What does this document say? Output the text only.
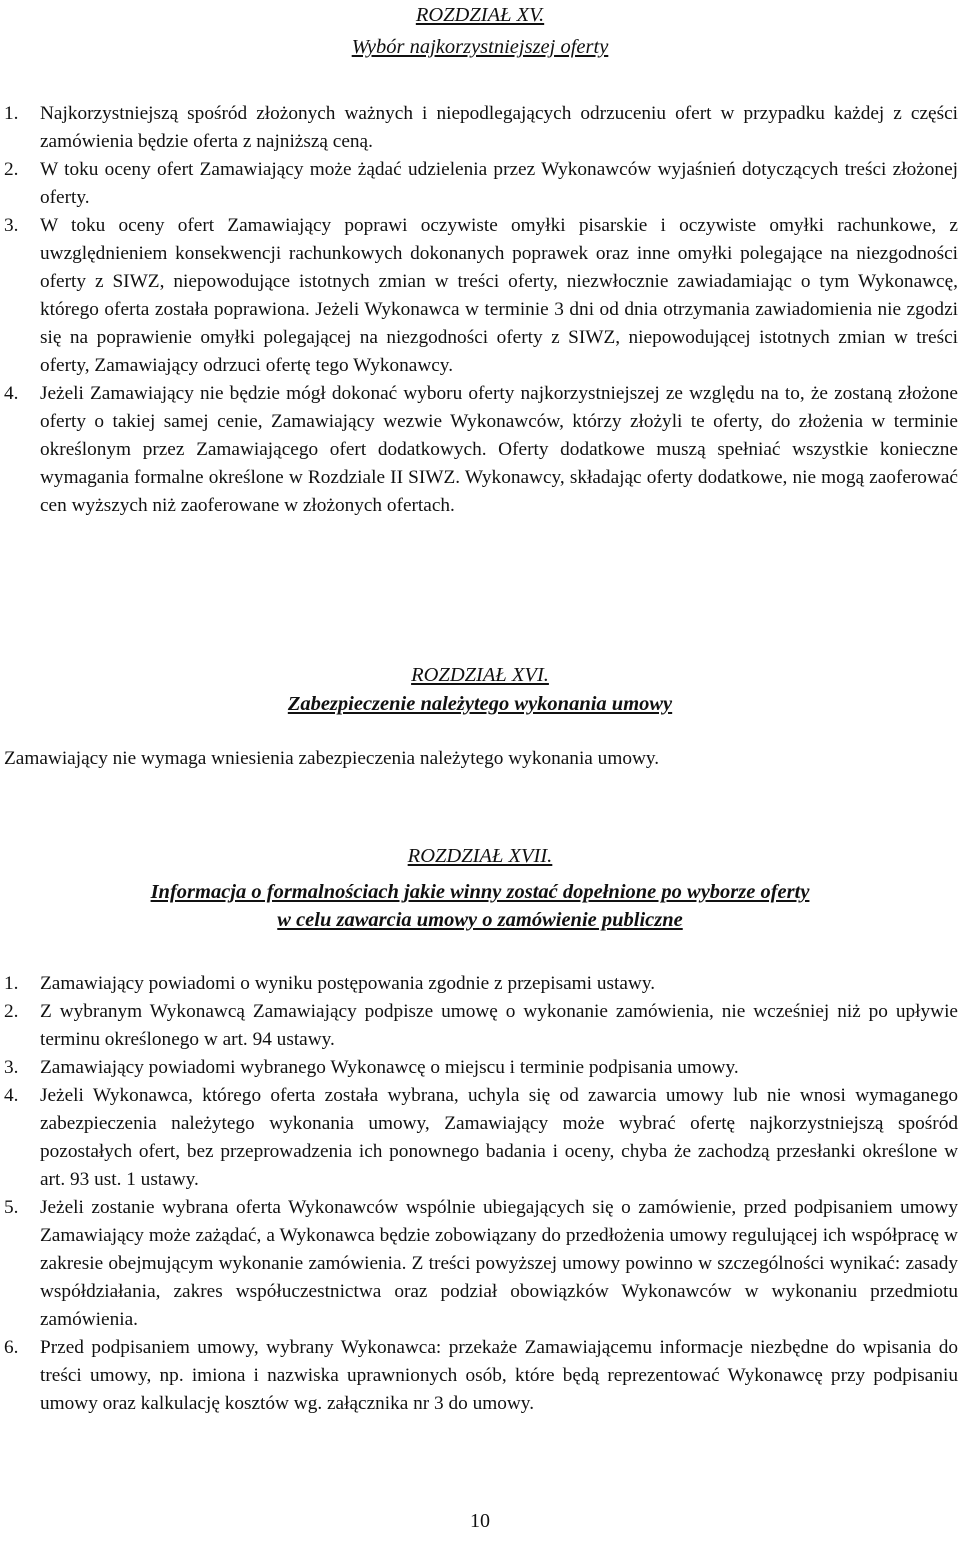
ROZDZIAŁ XV.
Wybór najkorzystniejszej oferty
1. Najkorzystniejszą spośród złożonych ważnych i niepodlegających odrzuceniu ofert w przypadku każdej z części zamówienia będzie oferta z najniższą ceną.
2. W toku oceny ofert Zamawiający może żądać udzielenia przez Wykonawców wyjaśnień dotyczących treści złożonej oferty.
3. W toku oceny ofert Zamawiający poprawi oczywiste omyłki pisarskie i oczywiste omyłki rachunkowe, z uwzględnieniem konsekwencji rachunkowych dokonanych poprawek oraz inne omyłki polegające na niezgodności oferty z SIWZ, niepowodujące istotnych zmian w treści oferty, niezwłocznie zawiadamiając o tym Wykonawcę, którego oferta została poprawiona. Jeżeli Wykonawca w terminie 3 dni od dnia otrzymania zawiadomienia nie zgodzi się na poprawienie omyłki polegającej na niezgodności oferty z SIWZ, niepowodującej istotnych zmian w treści oferty, Zamawiający odrzuci ofertę tego Wykonawcy.
4. Jeżeli Zamawiający nie będzie mógł dokonać wyboru oferty najkorzystniejszej ze względu na to, że zostaną złożone oferty o takiej samej cenie, Zamawiający wezwie Wykonawców, którzy złożyli te oferty, do złożenia w terminie określonym przez Zamawiającego ofert dodatkowych. Oferty dodatkowe muszą spełniać wszystkie konieczne wymagania formalne określone w Rozdziale II SIWZ. Wykonawcy, składając oferty dodatkowe, nie mogą zaoferować cen wyższych niż zaoferowane w złożonych ofertach.
ROZDZIAŁ XVI.
Zabezpieczenie należytego wykonania umowy
Zamawiający nie wymaga wniesienia zabezpieczenia należytego wykonania umowy.
ROZDZIAŁ XVII.
Informacja o formalnościach jakie winny zostać dopełnione po wyborze oferty
w celu zawarcia umowy o zamówienie publiczne
1. Zamawiający powiadomi o wyniku postępowania zgodnie z przepisami ustawy.
2. Z wybranym Wykonawcą Zamawiający podpisze umowę o wykonanie zamówienia, nie wcześniej niż po upływie terminu określonego w art. 94 ustawy.
3. Zamawiający powiadomi wybranego Wykonawcę o miejscu i terminie podpisania umowy.
4. Jeżeli Wykonawca, którego oferta została wybrana, uchyla się od zawarcia umowy lub nie wnosi wymaganego zabezpieczenia należytego wykonania umowy, Zamawiający może wybrać ofertę najkorzystniejszą spośród pozostałych ofert, bez przeprowadzenia ich ponownego badania i oceny, chyba że zachodzą przesłanki określone w art. 93 ust. 1 ustawy.
5. Jeżeli zostanie wybrana oferta Wykonawców wspólnie ubiegających się o zamówienie, przed podpisaniem umowy Zamawiający może zażądać, a Wykonawca będzie zobowiązany do przedłożenia umowy regulującej ich współpracę w zakresie obejmującym wykonanie zamówienia. Z treści powyższej umowy powinno w szczególności wynikać: zasady współdziałania, zakres współuczestnictwa oraz podział obowiązków Wykonawców w wykonaniu przedmiotu zamówienia.
6. Przed podpisaniem umowy, wybrany Wykonawca: przekaże Zamawiającemu informacje niezbędne do wpisania do treści umowy, np. imiona i nazwiska uprawnionych osób, które będą reprezentować Wykonawcę przy podpisaniu umowy oraz kalkulację kosztów wg. załącznika nr 3 do umowy.
10
